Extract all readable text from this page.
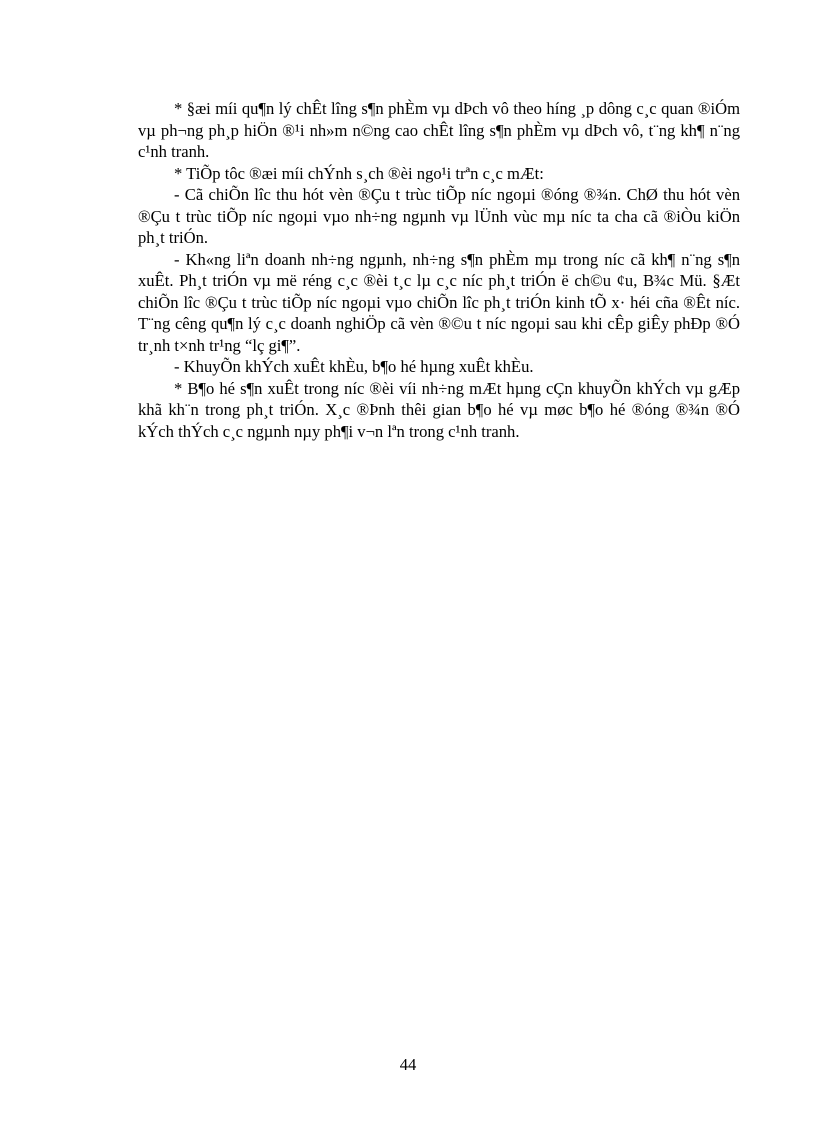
* §æi míi qu¶n lý chÊt lîng s¶n phÈm vµ dÞch vô theo híng ¸p dông c¸c quan ®iÓm vµ ph¬ng ph¸p hiÖn ®¹i nh»m n©ng cao chÊt lîng s¶n phÈm vµ dÞch vô, t¨ng kh¶ n¨ng c¹nh tranh.

* TiÕp tôc ®æi míi chÝnh s¸ch ®èi ngo¹i trªn c¸c mÆt:

- Cã chiÕn lîc thu hót vèn ®Çu t trùc tiÕp níc ngoµi ®óng ®¾n. ChØ thu hót vèn ®Çu t trùc tiÕp níc ngoµi vµo nh÷ng ngµnh vµ lÜnh vùc mµ níc ta cha cã ®iÒu kiÖn ph¸t triÓn.

- Kh«ng liªn doanh nh÷ng ngµnh, nh÷ng s¶n phÈm mµ trong níc cã kh¶ n¨ng s¶n xuÊt. Ph¸t triÓn vµ më réng c¸c ®èi t¸c lµ c¸c níc ph¸t triÓn ë ch©u ¢u, B¾c Mü. §Æt chiÕn lîc ®Çu t trùc tiÕp níc ngoµi vµo chiÕn lîc ph¸t triÓn kinh tÕ x· héi cña ®Êt níc. T¨ng cêng qu¶n lý c¸c doanh nghiÖp cã vèn ®©u t níc ngoµi sau khi cÊp giÊy phÐp ®Ó tr¸nh t×nh tr¹ng “lç gi¶”.

- KhuyÕn khÝch xuÊt khÈu, b¶o hé hµng xuÊt khÈu.

* B¶o hé s¶n xuÊt trong níc ®èi víi nh÷ng mÆt hµng cÇn khuyÕn khÝch vµ gÆp khã kh¨n trong ph¸t triÓn. X¸c ®Þnh thêi gian b¶o hé vµ møc b¶o hé ®óng ®¾n ®Ó kÝch thÝch c¸c ngµnh nµy ph¶i v¬n lªn trong c¹nh tranh.

44
